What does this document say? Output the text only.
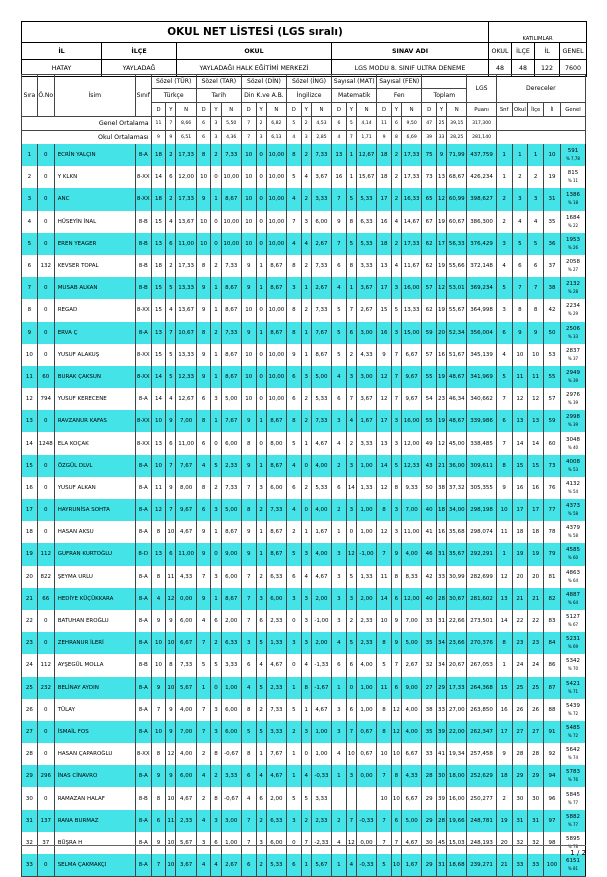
OKUL NET LİSTESİ (LGS sıralı)				KATILIMLAR			
İL	İLÇE	OKUL	SINAV ADI	OKUL	İLÇE	İL	GENEL
HATAY	YAYLADAĞ	YAYLADAĞI HALK EĞİTİMİ MERKEZİ	LGS MODU 8. SINIF ULTRA DENEME	48	48	122	7600
Sıra	Ö.No	İsim	Sınıf	Sözel (TÜR)			Sözel (TAR)			Sözel (DİN)			Sözel (İNG)			Sayısal (MAT)			Sayısal (FEN)						LGS	Dereceler				
				Türkçe			Tarih			Din K.ve A.B.			İngilizce			Matematik			Fen			Toplam								
				D	Y	N	D	Y	N	D	Y	N	D	Y	N	D	Y	N	D	Y	N	D	Y	N	Puanı	Snf	Okul	İlçe	İl	Genel
Genel Ortalama				11	7	8,66	6	3	5,50	7	2	6,82	5	2	4,53	6	5	4,14	11	6	9,50	47	25	39,15	317,300					
Okul Ortalaması				9	9	6,51	6	3	4,36	7	3	6,13	4	3	2,85	4	7	1,71	9	8	6,69	39	33	28,25	281,140					
1	0	ECRİN YALÇIN	8-A	18	2	17,33	8	2	7,33	10	0	10,00	8	2	7,33	13	1	12,67	18	2	17,33	75	9	71,99	437,759	1	1	1	10	591
% 7,78

2	0	Y KLKN	8-XX	14	6	12,00	10	0	10,00	10	0	10,00	5	4	3,67	16	1	15,67	18	2	17,33	73	13	68,67	426,234	1	2	2	19	815
% 11

3	0	ANC	8-XX	18	2	17,33	9	1	8,67	10	0	10,00	4	2	3,33	7	5	5,33	17	2	16,33	65	12	60,99	398,627	2	3	3	31	1386
% 18

4	0	HÜSEYİN İNAL	8-B	15	4	13,67	10	0	10,00	10	0	10,00	7	3	6,00	9	8	6,33	16	4	14,67	67	19	60,67	386,300	2	4	4	35	1684
% 22

5	0	EREN YEAGER	8-B	13	6	11,00	10	0	10,00	10	0	10,00	4	4	2,67	7	5	5,33	18	2	17,33	62	17	56,33	376,429	3	5	5	36	1953
% 26

6	132	KEVSER TOPAL	8-B	18	2	17,33	8	2	7,33	9	1	8,67	8	2	7,33	6	8	3,33	13	4	11,67	62	19	55,66	372,148	4	6	6	37	2058
% 27

7	0	MUSAB ALKAN	8-B	15	5	13,33	9	1	8,67	9	1	8,67	3	1	2,67	4	1	3,67	17	3	16,00	57	12	53,01	369,234	5	7	7	38	2132
% 28

8	0	REGAD	8-XX	15	4	13,67	9	1	8,67	10	0	10,00	8	2	7,33	5	7	2,67	15	5	13,33	62	19	55,67	364,998	3	8	8	42	2234
% 29

9	0	ERVA Ç	8-A	13	7	10,67	8	2	7,33	9	1	8,67	8	1	7,67	5	6	3,00	16	3	15,00	59	20	52,34	356,004	6	9	9	50	2506
% 33

10	0	YUSUF ALAKUŞ	8-XX	15	5	13,33	9	1	8,67	10	0	10,00	9	1	8,67	5	2	4,33	9	7	6,67	57	16	51,67	345,139	4	10	10	53	2837
% 37

11	60	BURAK ÇAKSUN	8-XX	14	5	12,33	9	1	8,67	10	0	10,00	6	3	5,00	4	3	3,00	12	7	9,67	55	19	48,67	341,969	5	11	11	55	2949
% 39

12	794	YUSUF KERECENE	8-A	14	4	12,67	6	3	5,00	10	0	10,00	6	2	5,33	6	7	3,67	12	7	9,67	54	23	46,34	340,662	7	12	12	57	2976
% 39

13	0	RAVZANUR KAFAS	8-XX	10	9	7,00	8	1	7,67	9	1	8,67	8	2	7,33	3	4	1,67	17	3	16,00	55	19	48,67	339,986	6	13	13	59	2998
% 39

14	1248	ELA KOÇAK	8-XX	13	6	11,00	6	0	6,00	8	0	8,00	5	1	4,67	4	2	3,33	13	3	12,00	49	12	45,00	338,485	7	14	14	60	3048
% 40

15	0	ÖZGÜL DLVL	8-A	10	7	7,67	4	5	2,33	9	1	8,67	4	0	4,00	2	3	1,00	14	5	12,33	43	21	36,00	309,611	8	15	15	73	4008
% 53

16	0	YUSUF ALKAN	8-A	11	9	8,00	8	2	7,33	7	3	6,00	6	2	5,33	6	14	1,33	12	8	9,33	50	38	37,32	305,355	9	16	16	76	4132
% 54

17	0	HAYRUNİSA SOHTA	8-A	12	7	9,67	6	3	5,00	8	2	7,33	4	0	4,00	2	3	1,00	8	3	7,00	40	18	34,00	298,198	10	17	17	77	4373
% 58

18	0	HASAN AKSU	8-A	8	10	4,67	9	1	8,67	9	1	8,67	2	1	1,67	1	0	1,00	12	3	11,00	41	16	35,68	298,074	11	18	18	78	4379
% 58

19	112	GUFRAN KURTOĞLU	8-D	13	6	11,00	9	0	9,00	9	1	8,67	5	3	4,00	3	12	-1,00	7	9	4,00	46	31	35,67	292,291	1	19	19	79	4585
% 60

20	822	ŞEYMA URLU	8-A	8	11	4,33	7	3	6,00	7	2	6,33	6	4	4,67	3	5	1,33	11	8	8,33	42	33	30,99	282,699	12	20	20	81	4863
% 64

21	66	HEDİYE KÜÇÜKKARA	8-A	4	12	0,00	9	1	8,67	7	3	6,00	3	3	2,00	3	3	2,00	14	6	12,00	40	28	30,67	281,602	13	21	21	82	4887
% 64

22	0	BATUHAN EROĞLU	8-A	9	9	6,00	4	6	2,00	7	6	2,33	0	3	-1,00	3	2	2,33	10	9	7,00	33	31	22,66	273,501	14	22	22	83	5127
% 67

23	0	ZEHRANUR İLERİ	8-A	10	10	6,67	7	2	6,33	3	5	1,33	3	3	2,00	4	5	2,33	8	9	5,00	35	34	23,66	270,376	8	23	23	84	5231
% 69

24	112	AYŞEGÜL MOLLA	8-B	10	8	7,33	5	5	3,33	6	4	4,67	0	4	-1,33	6	6	4,00	5	7	2,67	32	34	20,67	267,053	1	24	24	86	5342
% 70

25	232	BELİNAY AYDIN	8-A	9	10	5,67	1	0	1,00	4	5	2,33	1	8	-1,67	1	0	1,00	11	6	9,00	27	29	17,33	264,368	15	25	25	87	5421
% 71

26	0	TÜLAY	8-A	7	9	4,00	7	3	6,00	8	2	7,33	5	1	4,67	3	6	1,00	8	12	4,00	38	33	27,00	263,850	16	26	26	88	5439
% 72

27	0	İSMAİL FOS	8-A	10	9	7,00	7	3	6,00	5	5	3,33	2	3	1,00	3	7	0,67	8	12	4,00	35	39	22,00	262,347	17	27	27	91	5485
% 72

28	0	HASAN ÇAPAROĞLU	8-XX	8	12	4,00	2	8	-0,67	8	1	7,67	1	0	1,00	4	10	0,67	10	10	6,67	33	41	19,34	257,458	9	28	28	92	5642
% 74

29	296	İNAS CİNAVRO	8-A	9	9	6,00	4	2	3,33	6	4	4,67	1	4	-0,33	1	3	0,00	7	8	4,33	28	30	18,00	252,629	18	29	29	94	5783
% 76

30	0	RAMAZAN HALAF	8-B	8	10	4,67	2	8	-0,67	4	6	2,00	5	5	3,33				10	10	6,67	29	39	16,00	250,277	2	30	30	96	5845
% 77

31	137	RANA BURMAZ	8-A	6	11	2,33	4	3	3,00	7	2	6,33	3	2	2,33	2	7	-0,33	7	6	5,00	29	28	19,66	248,781	19	31	31	97	5882
% 77

32	37	BÜŞRA H	8-A	9	10	5,67	3	6	1,00	7	3	6,00	0	7	-2,33	4	12	0,00	7	7	4,67	30	45	15,03	248,193	20	32	32	98	5895
% 78

33	0	SELMA ÇAKMAKÇI	8-A	7	10	3,67	4	4	2,67	6	2	5,33	6	1	5,67	1	4	-0,33	5	10	1,67	29	31	18,68	239,271	21	33	33	100	6151
% 81
1 / 2
